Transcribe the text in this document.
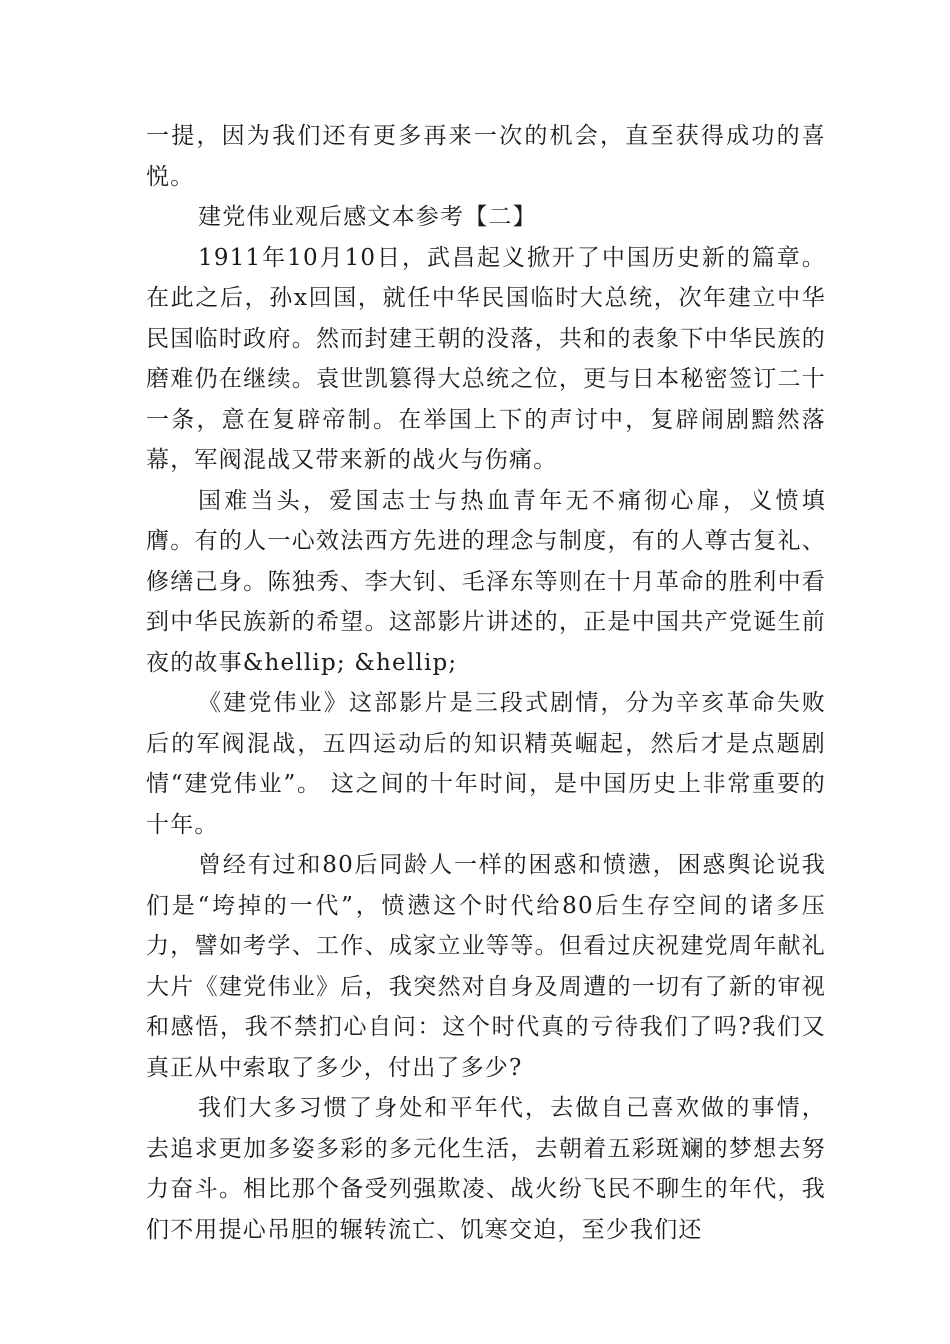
一提，因为我们还有更多再来一次的机会，直至获得成功的喜悦。

建党伟业观后感文本参考【二】

1911年10月10日，武昌起义掀开了中国历史新的篇章。在此之后，孙x回国，就任中华民国临时大总统，次年建立中华民国临时政府。然而封建王朝的没落，共和的表象下中华民族的磨难仍在继续。袁世凯篡得大总统之位，更与日本秘密签订二十一条，意在复辟帝制。在举国上下的声讨中，复辟闹剧黯然落幕，军阀混战又带来新的战火与伤痛。

国难当头，爱国志士与热血青年无不痛彻心扉，义愤填膺。有的人一心效法西方先进的理念与制度，有的人尊古复礼、修缮己身。陈独秀、李大钊、毛泽东等则在十月革命的胜利中看到中华民族新的希望。这部影片讲述的，正是中国共产党诞生前夜的故事&hellip; &hellip;

《建党伟业》这部影片是三段式剧情，分为辛亥革命失败后的军阀混战，五四运动后的知识精英崛起，然后才是点题剧情“建党伟业”。 这之间的十年时间，是中国历史上非常重要的十年。

曾经有过和80后同龄人一样的困惑和愤懑，困惑舆论说我们是“垮掉的一代”，愤懑这个时代给80后生存空间的诸多压力，譬如考学、工作、成家立业等等。但看过庆祝建党周年献礼大片《建党伟业》后，我突然对自身及周遭的一切有了新的审视和感悟，我不禁扪心自问：这个时代真的亏待我们了吗?我们又真正从中索取了多少，付出了多少?

我们大多习惯了身处和平年代，去做自己喜欢做的事情，去追求更加多姿多彩的多元化生活，去朝着五彩斑斓的梦想去努力奋斗。相比那个备受列强欺凌、战火纷飞民不聊生的年代，我们不用提心吊胆的辗转流亡、饥寒交迫，至少我们还
